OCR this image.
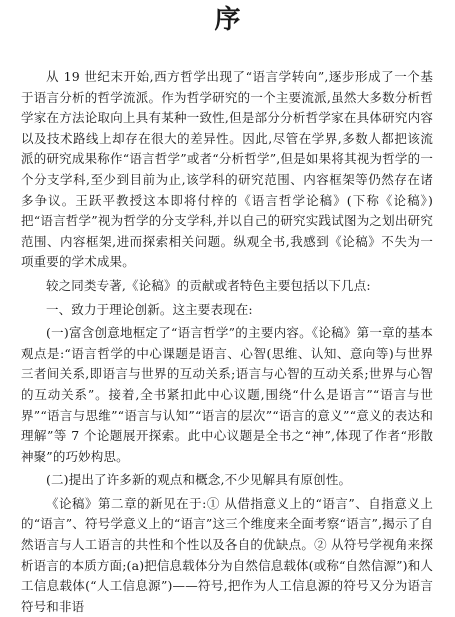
序

从 19 世纪末开始,西方哲学出现了“语言学转向”,逐步形成了一个基于语言分析的哲学流派。作为哲学研究的一个主要流派,虽然大多数分析哲学家在方法论取向上具有某种一致性,但是部分分析哲学家在具体研究内容以及技术路线上却存在很大的差异性。因此,尽管在学界,多数人都把该流派的研究成果称作“语言哲学”或者“分析哲学”,但是如果将其视为哲学的一个分支学科,至少到目前为止,该学科的研究范围、内容框架等仍然存在诸多争议。王跃平教授这本即将付梓的《语言哲学论稿》(下称《论稿》)把“语言哲学”视为哲学的分支学科,并以自己的研究实践试图为之划出研究范围、内容框架,进而探索相关问题。纵观全书,我感到《论稿》不失为一项重要的学术成果。

较之同类专著,《论稿》的贡献或者特色主要包括以下几点:

一、致力于理论创新。这主要表现在:

(一)富含创意地框定了“语言哲学”的主要内容。《论稿》第一章的基本观点是:“语言哲学的中心课题是语言、心智(思维、认知、意向等)与世界三者间关系,即语言与世界的互动关系;语言与心智的互动关系;世界与心智的互动关系”。接着,全书紧扣此中心议题,围绕“什么是语言”“语言与世界”“语言与思维”“语言与认知”“语言的层次”“语言的意义”“意义的表达和理解”等 7 个论题展开探索。此中心议题是全书之“神”,体现了作者“形散神聚”的巧妙构思。

(二)提出了许多新的观点和概念,不少见解具有原创性。

《论稿》第二章的新见在于:① 从借指意义上的“语言”、自指意义上的“语言”、符号学意义上的“语言”这三个维度来全面考察“语言”,揭示了自然语言与人工语言的共性和个性以及各自的优缺点。② 从符号学视角来探析语言的本质方面;(a)把信息载体分为自然信息载体(或称“自然信源”)和人工信息载体(“人工信息源”)——符号,把作为人工信息源的符号又分为语言符号和非语
